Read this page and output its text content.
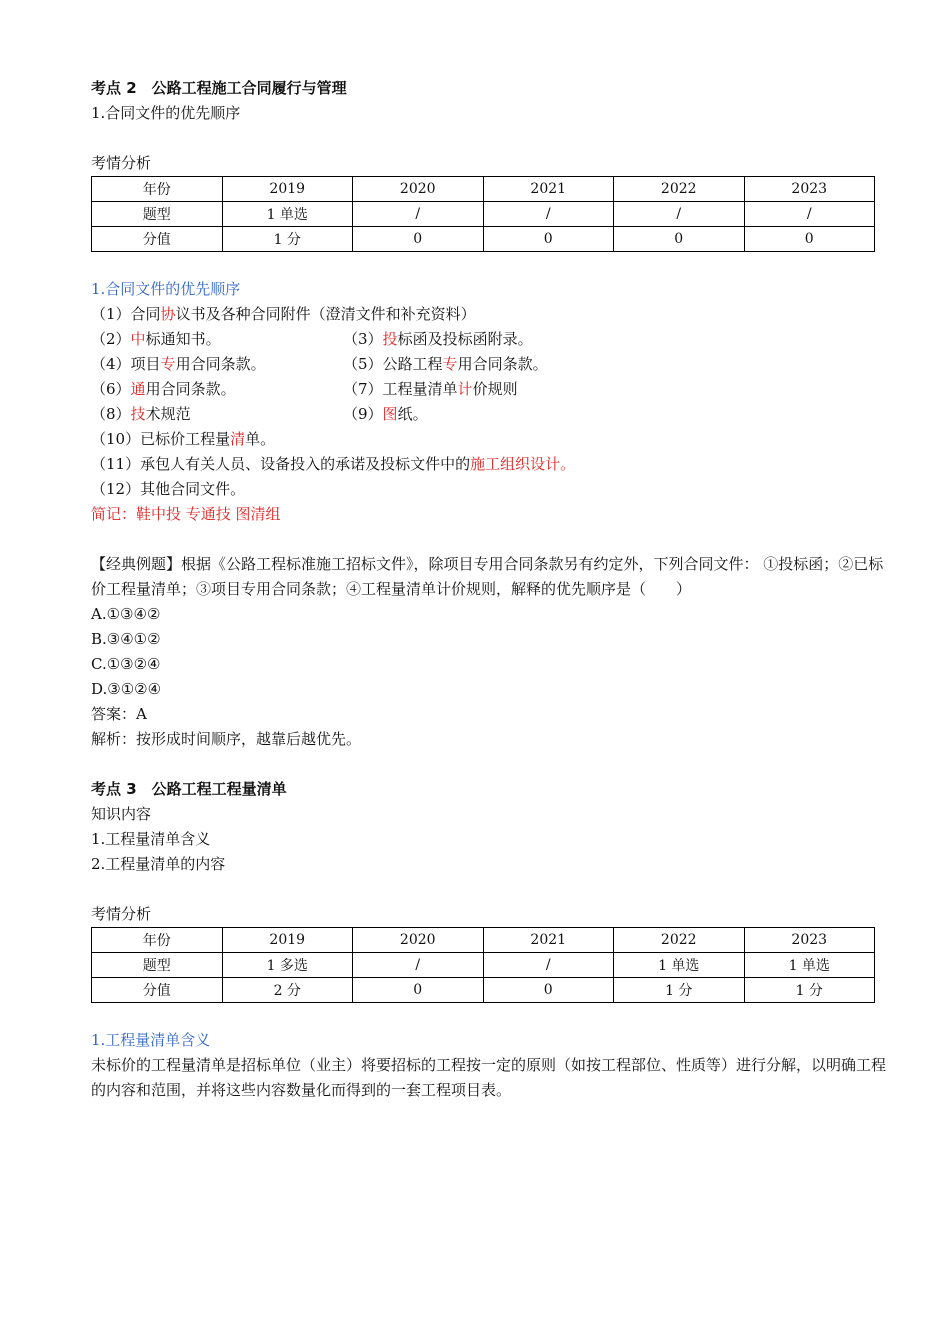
考点 2　公路工程施工合同履行与管理
1.合同文件的优先顺序
考情分析
年份	2019	2020	2021	2022	2023
题型	1 单选	/	/	/	/
分值	1 分	0	0	0	0
1.合同文件的优先顺序
（1）合同协议书及各种合同附件（澄清文件和补充资料）
（2）中标通知书。	（3）投标函及投标函附录。
（4）项目专用合同条款。	（5）公路工程专用合同条款。
（6）通用合同条款。	（7）工程量清单计价规则
（8）技术规范	（9）图纸。
（10）已标价工程量清单。
（11）承包人有关人员、设备投入的承诺及投标文件中的施工组织设计。
（12）其他合同文件。
简记：鞋中投 专通技 图清组
【经典例题】根据《公路工程标准施工招标文件》，除项目专用合同条款另有约定外，下列合同文件： ①投标函；②已标价工程量清单；③项目专用合同条款；④工程量清单计价规则，解释的优先顺序是（　　）
A.①③④②
B.③④①②
C.①③②④
D.③①②④
答案：A
解析：按形成时间顺序，越靠后越优先。
考点 3　公路工程工程量清单
知识内容
1.工程量清单含义
2.工程量清单的内容
考情分析
年份	2019	2020	2021	2022	2023
题型	1 多选	/	/	1 单选	1 单选
分值	2 分	0	0	1 分	1 分
1.工程量清单含义
未标价的工程量清单是招标单位（业主）将要招标的工程按一定的原则（如按工程部位、性质等）进行分解，以明确工程的内容和范围，并将这些内容数量化而得到的一套工程项目表。
